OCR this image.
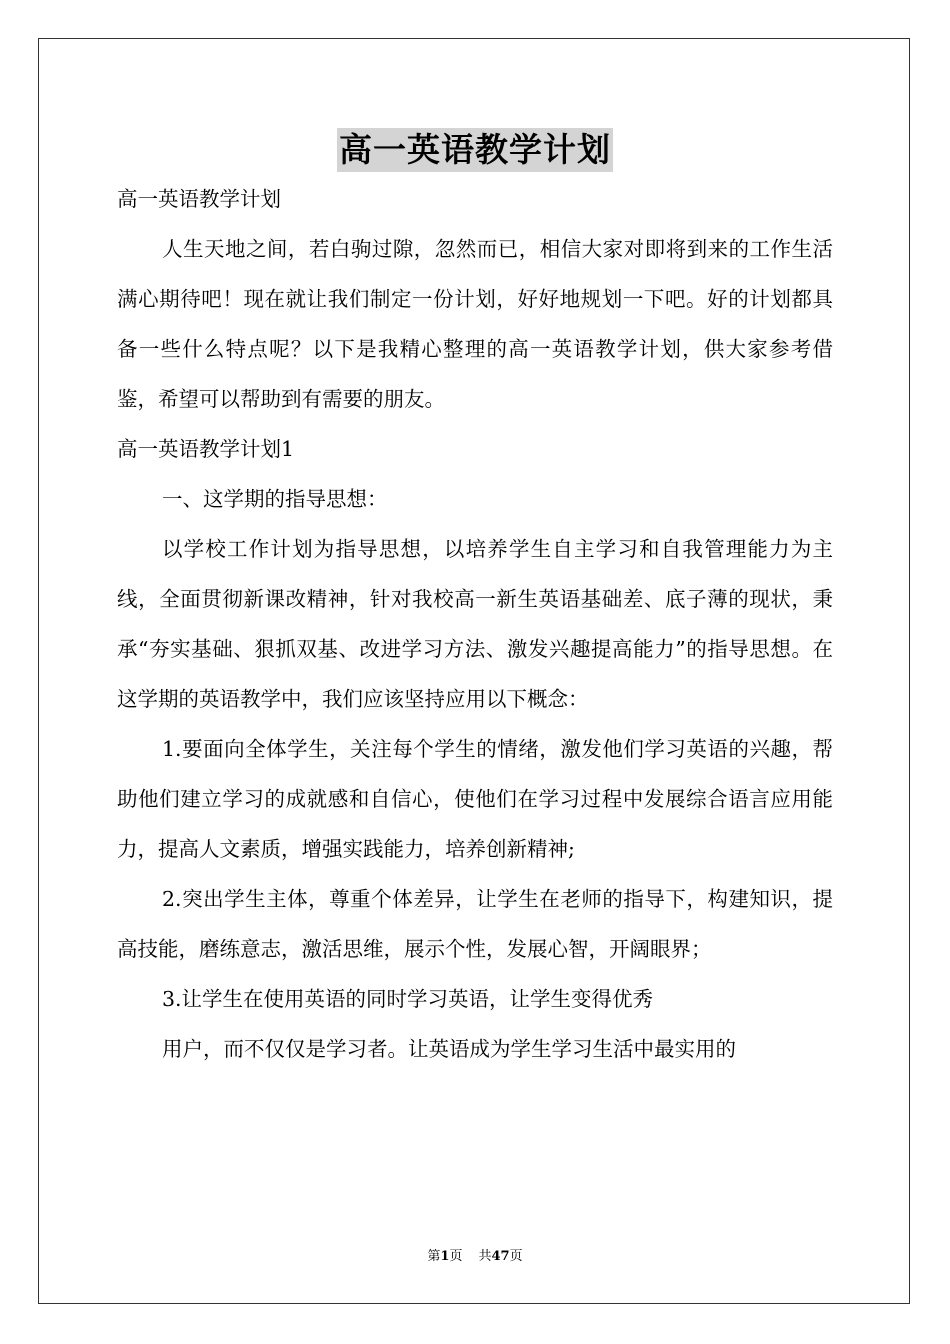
高一英语教学计划

高一英语教学计划

人生天地之间，若白驹过隙，忽然而已，相信大家对即将到来的工作生活满心期待吧！现在就让我们制定一份计划，好好地规划一下吧。好的计划都具备一些什么特点呢？以下是我精心整理的高一英语教学计划，供大家参考借鉴，希望可以帮助到有需要的朋友。

高一英语教学计划1

一、这学期的指导思想：

以学校工作计划为指导思想，以培养学生自主学习和自我管理能力为主线，全面贯彻新课改精神，针对我校高一新生英语基础差、底子薄的现状，秉承“夯实基础、狠抓双基、改进学习方法、激发兴趣提高能力”的指导思想。在这学期的英语教学中，我们应该坚持应用以下概念：

1.要面向全体学生，关注每个学生的情绪，激发他们学习英语的兴趣，帮助他们建立学习的成就感和自信心，使他们在学习过程中发展综合语言应用能力，提高人文素质，增强实践能力，培养创新精神;

2.突出学生主体，尊重个体差异，让学生在老师的指导下，构建知识，提高技能，磨练意志，激活思维，展示个性，发展心智，开阔眼界；

3.让学生在使用英语的同时学习英语，让学生变得优秀

用户，而不仅仅是学习者。让英语成为学生学习生活中最实用的

第1页 共47页
